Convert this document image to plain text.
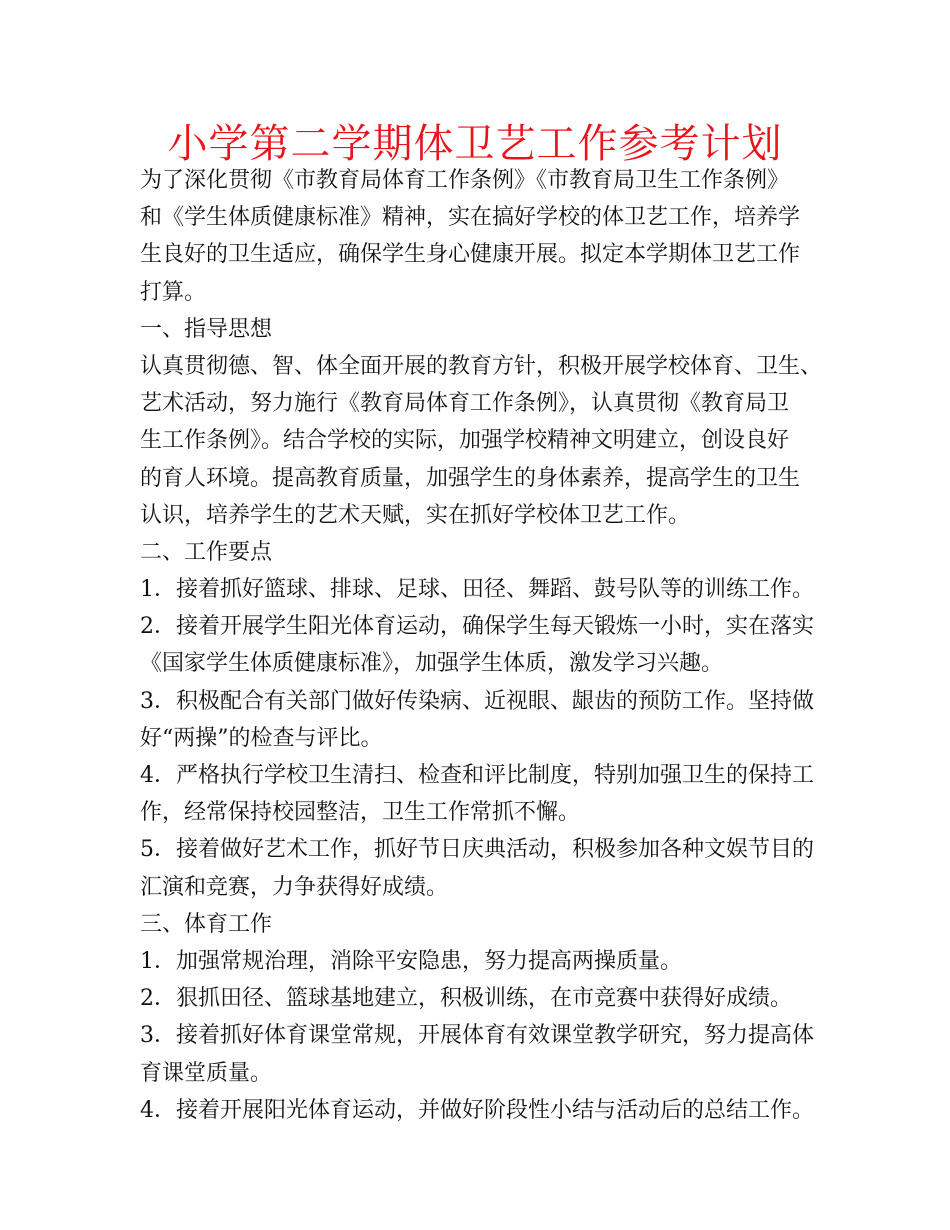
小学第二学期体卫艺工作参考计划
为了深化贯彻《市教育局体育工作条例》《市教育局卫生工作条例》
和《学生体质健康标准》精神，实在搞好学校的体卫艺工作，培养学
生良好的卫生适应，确保学生身心健康开展。拟定本学期体卫艺工作
打算。
一、指导思想
认真贯彻德、智、体全面开展的教育方针，积极开展学校体育、卫生、
艺术活动，努力施行《教育局体育工作条例》，认真贯彻《教育局卫
生工作条例》。结合学校的实际，加强学校精神文明建立，创设良好
的育人环境。提高教育质量，加强学生的身体素养，提高学生的卫生
认识，培养学生的艺术天赋，实在抓好学校体卫艺工作。
二、工作要点
1．接着抓好篮球、排球、足球、田径、舞蹈、鼓号队等的训练工作。
2．接着开展学生阳光体育运动，确保学生每天锻炼一小时，实在落实
《国家学生体质健康标准》，加强学生体质，激发学习兴趣。
3．积极配合有关部门做好传染病、近视眼、龈齿的预防工作。坚持做
好“两操”的检查与评比。
4．严格执行学校卫生清扫、检查和评比制度，特别加强卫生的保持工
作，经常保持校园整洁，卫生工作常抓不懈。
5．接着做好艺术工作，抓好节日庆典活动，积极参加各种文娱节目的
汇演和竞赛，力争获得好成绩。
三、体育工作
1．加强常规治理，消除平安隐患，努力提高两操质量。
2．狠抓田径、篮球基地建立，积极训练，在市竞赛中获得好成绩。
3．接着抓好体育课堂常规，开展体育有效课堂教学研究，努力提高体
育课堂质量。
4．接着开展阳光体育运动，并做好阶段性小结与活动后的总结工作。
